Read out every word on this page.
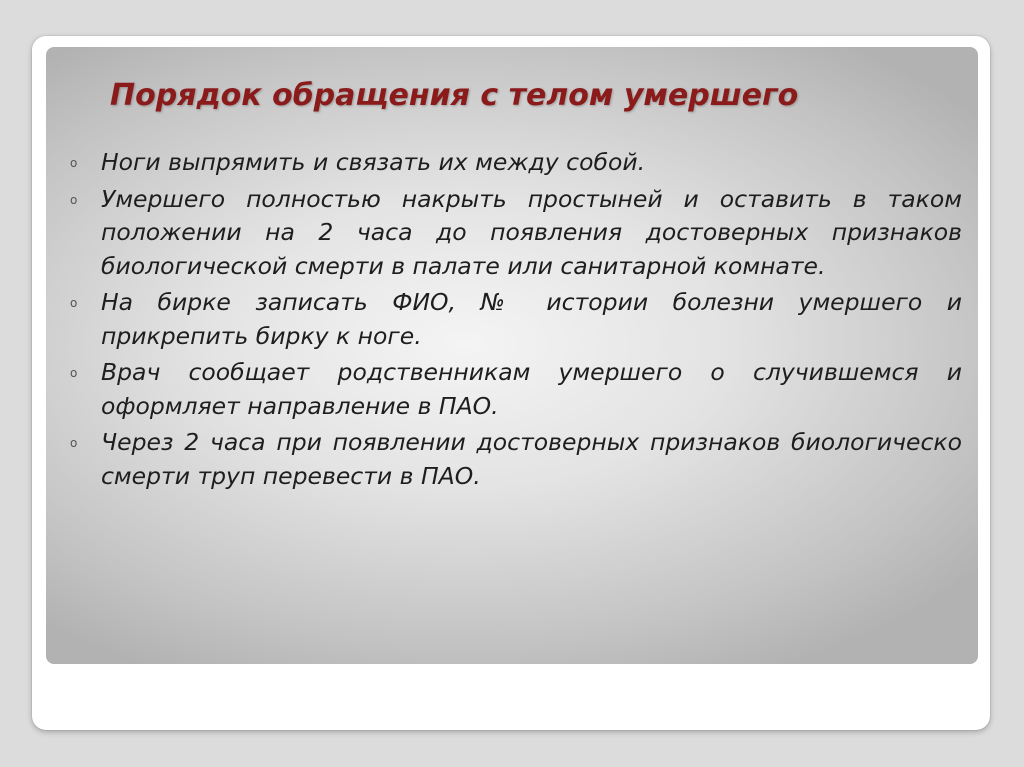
Порядок обращения с телом умершего
o Ноги выпрямить и связать их между собой.
o Умершего полностью накрыть простыней и оставить в таком положении на 2 часа до появления достоверных признаков биологической смерти в палате или санитарной комнате.
o На бирке записать ФИО, № истории болезни умершего и прикрепить бирку к ноге.
o Врач сообщает родственникам умершего о случившемся и оформляет направление в ПАО.
o Через 2 часа при появлении достоверных признаков биологическо смерти труп перевести в ПАО.
